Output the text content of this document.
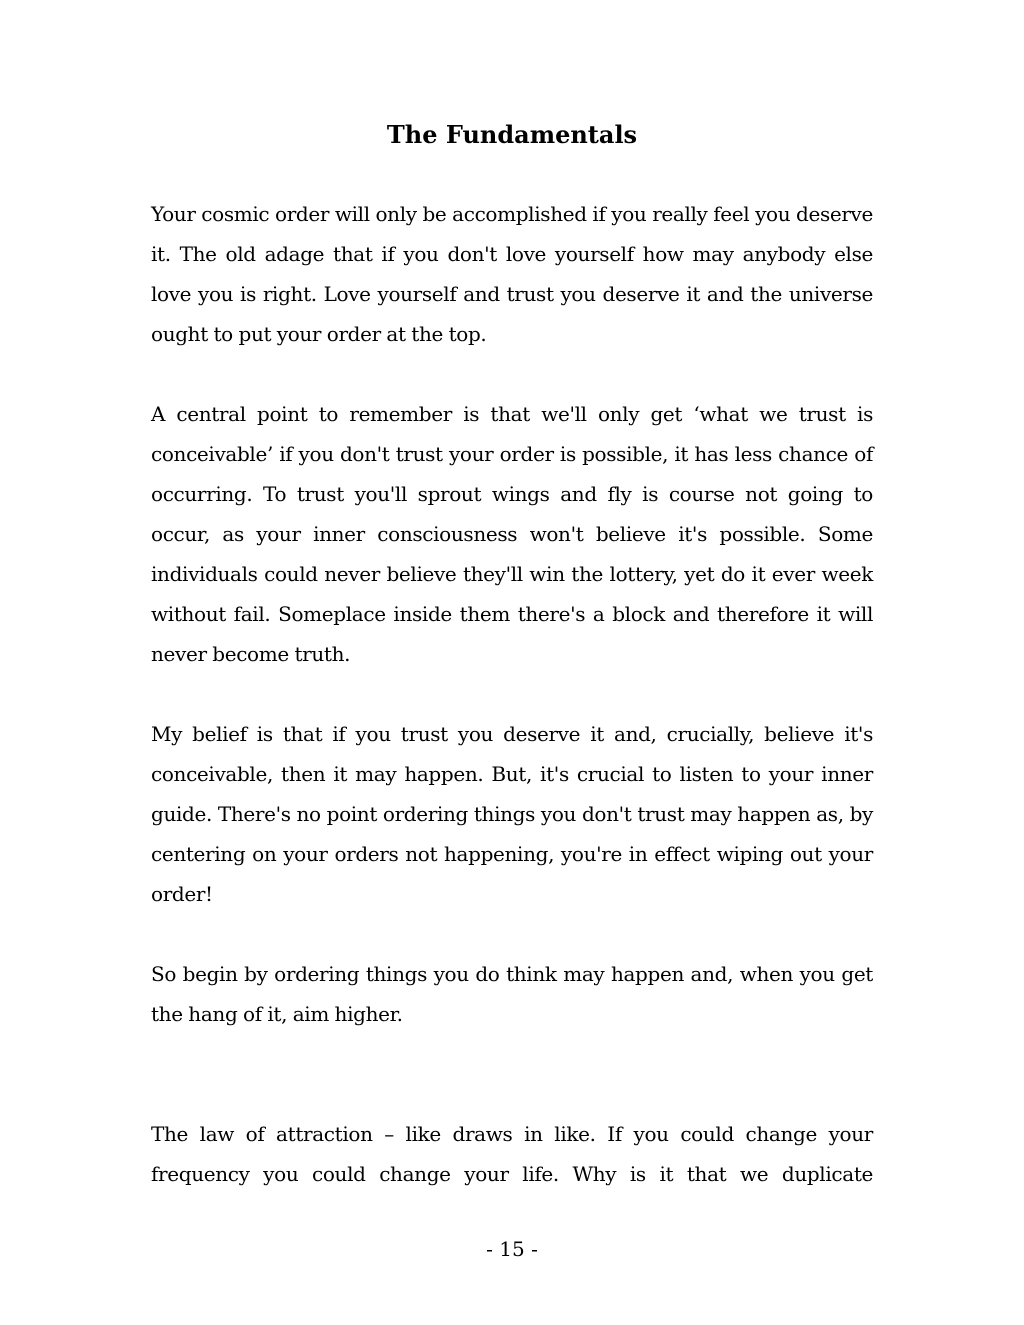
The Fundamentals

Your cosmic order will only be accomplished if you really feel you deserve it. The old adage that if you don't love yourself how may anybody else love you is right. Love yourself and trust you deserve it and the universe ought to put your order at the top.

A central point to remember is that we'll only get ‘what we trust is conceivable’ if you don't trust your order is possible, it has less chance of occurring. To trust you'll sprout wings and fly is course not going to occur, as your inner consciousness won't believe it's possible. Some individuals could never believe they'll win the lottery, yet do it ever week without fail. Someplace inside them there's a block and therefore it will never become truth.

My belief is that if you trust you deserve it and, crucially, believe it's conceivable, then it may happen. But, it's crucial to listen to your inner guide. There's no point ordering things you don't trust may happen as, by centering on your orders not happening, you're in effect wiping out your order!

So begin by ordering things you do think may happen and, when you get the hang of it, aim higher.

The law of attraction – like draws in like. If you could change your frequency you could change your life. Why is it that we duplicate

- 15 -
